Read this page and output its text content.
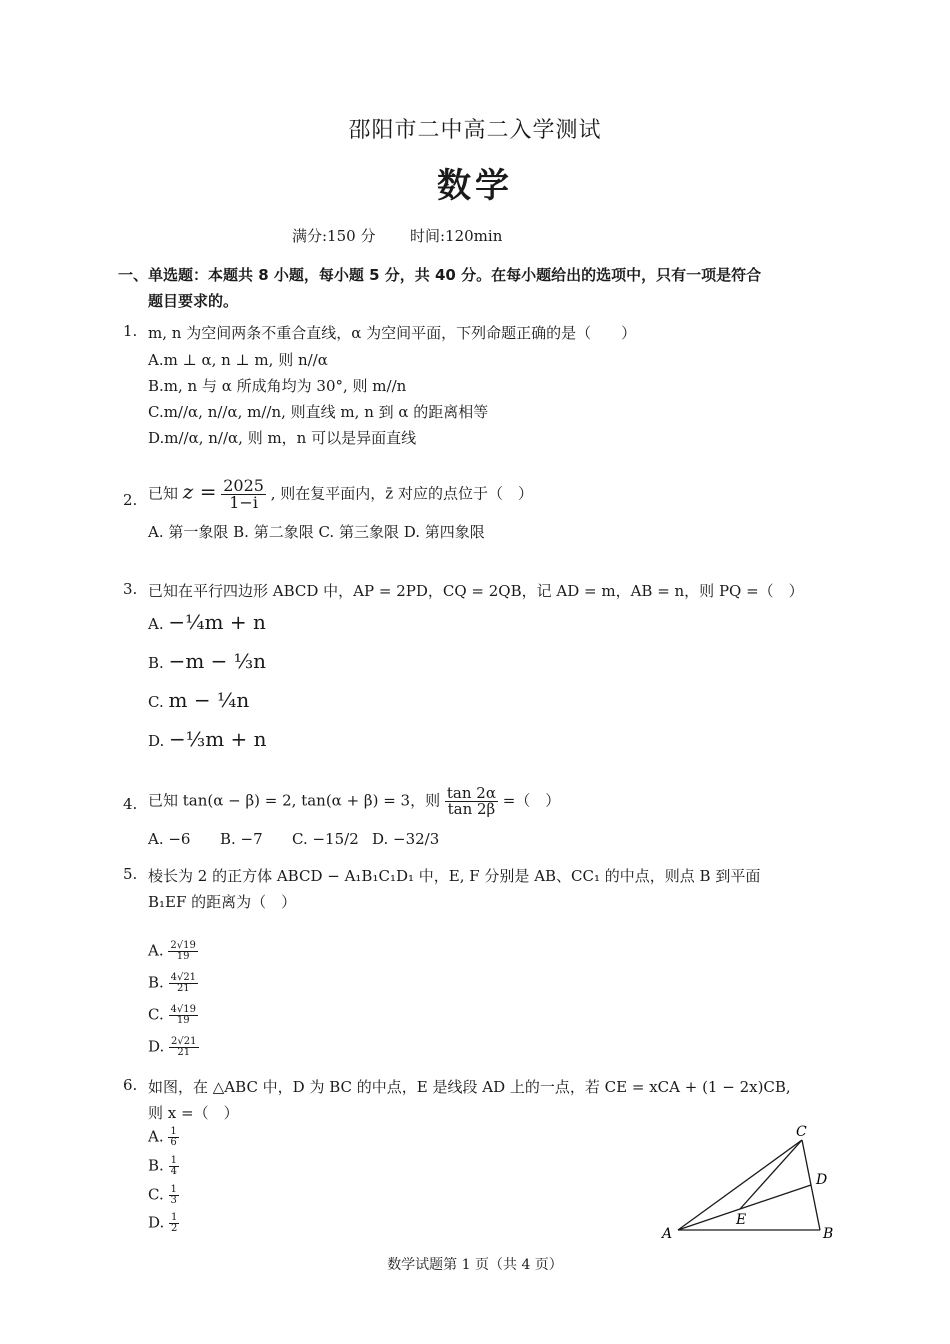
邵阳市二中高二入学测试
数学
满分:150 分 时间:120min
一、单选题：本题共 8 小题，每小题 5 分，共 40 分。在每小题给出的选项中，只有一项是符合
题目要求的。
1. m, n 为空间两条不重合直线，α 为空间平面，下列命题正确的是（　　）
A.m ⊥ α, n ⊥ m, 则 n//α
B.m, n 与 α 所成角均为 30°, 则 m//n
C.m//α, n//α, m//n, 则直线 m, n 到 α 的距离相等
D.m//α, n//α, 则 m，n 可以是异面直线
2. 已知 $z = \frac{2025}{1-i}$ , 则在复平面内，z̄ 对应的点位于（　）
A. 第一象限 B. 第二象限 C. 第三象限 D. 第四象限
3. 已知在平行四边形 ABCD 中，AP = 2PD，CQ = 2QB，记 AD = m，AB = n，则 PQ =（　）
A. −¼m + n
B. −m − ⅓n
C. m − ¼n
D. −⅓m + n
4. 已知 tan(α − β) = 2, tan(α + β) = 3，则 $\frac{\tan 2\alpha}{\tan 2\beta}$ =（　）
A. −6 B. −7 C. −15/2 D. −32/3
5. 棱长为 2 的正方体 ABCD − A₁B₁C₁D₁ 中，E, F 分别是 AB、CC₁ 的中点，则点 B 到平面
B₁EF 的距离为（　）
A. $\frac{2√19}{19}$
B. $\frac{4√21}{21}$
C. $\frac{4√19}{19}$
D. $\frac{2√21}{21}$
6. 如图，在 △ABC 中，D 为 BC 的中点，E 是线段 AD 上的一点，若 CE = xCA + (1 − 2x)CB,
则 x =（　）
A. $\frac{1}{6}$
B. $\frac{1}{4}$
C. $\frac{1}{3}$
D. $\frac{1}{2}$	A	B
C
D
E
数学试题第 1 页（共 4 页）
